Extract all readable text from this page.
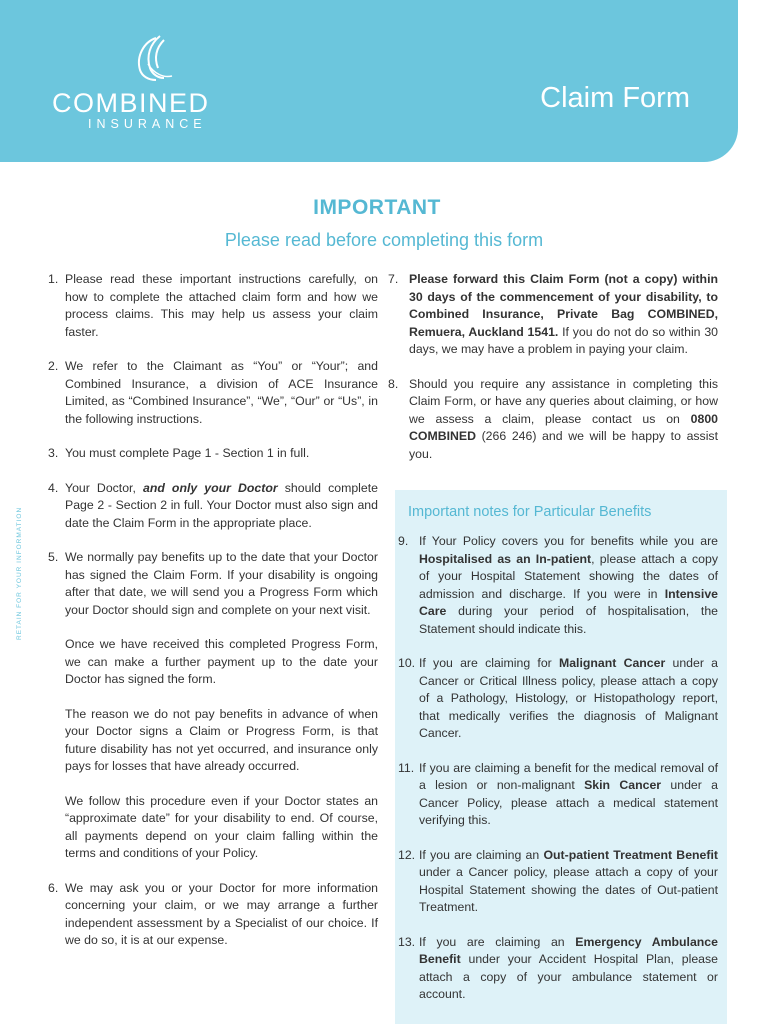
COMBINED
INSURANCE
Claim Form
RETAIN FOR YOUR INFORMATION
IMPORTANT
Please read before completing this form
1. Please read these important instructions carefully, on how to complete the attached claim form and how we process claims. This may help us assess your claim faster.
2. We refer to the Claimant as “You” or “Your”; and Combined Insurance, a division of ACE Insurance Limited, as “Combined Insurance”, “We”, “Our” or “Us”, in the following instructions.
3. You must complete Page 1 - Section 1 in full.
4. Your Doctor, and only your Doctor should complete Page 2 - Section 2 in full. Your Doctor must also sign and date the Claim Form in the appropriate place.
5. We normally pay benefits up to the date that your Doctor has signed the Claim Form. If your disability is ongoing after that date, we will send you a Progress Form which your Doctor should sign and complete on your next visit.
Once we have received this completed Progress Form, we can make a further payment up to the date your Doctor has signed the form.
The reason we do not pay benefits in advance of when your Doctor signs a Claim or Progress Form, is that future disability has not yet occurred, and insurance only pays for losses that have already occurred.
We follow this procedure even if your Doctor states an “approximate date” for your disability to end. Of course, all payments depend on your claim falling within the terms and conditions of your Policy.
6. We may ask you or your Doctor for more information concerning your claim, or we may arrange a further independent assessment by a Specialist of our choice. If we do so, it is at our expense.
7. Please forward this Claim Form (not a copy) within 30 days of the commencement of your disability, to Combined Insurance, Private Bag COMBINED, Remuera, Auckland 1541. If you do not do so within 30 days, we may have a problem in paying your claim.
8. Should you require any assistance in completing this Claim Form, or have any queries about claiming, or how we assess a claim, please contact us on 0800 COMBINED (266 246) and we will be happy to assist you.
Important notes for Particular Benefits
9. If Your Policy covers you for benefits while you are Hospitalised as an In-patient, please attach a copy of your Hospital Statement showing the dates of admission and discharge. If you were in Intensive Care during your period of hospitalisation, the Statement should indicate this.
10. If you are claiming for Malignant Cancer under a Cancer or Critical Illness policy, please attach a copy of a Pathology, Histology, or Histopathology report, that medically verifies the diagnosis of Malignant Cancer.
11. If you are claiming a benefit for the medical removal of a lesion or non-malignant Skin Cancer under a Cancer Policy, please attach a medical statement verifying this.
12. If you are claiming an Out-patient Treatment Benefit under a Cancer policy, please attach a copy of your Hospital Statement showing the dates of Out-patient Treatment.
13. If you are claiming an Emergency Ambulance Benefit under your Accident Hospital Plan, please attach a copy of your ambulance statement or account.
